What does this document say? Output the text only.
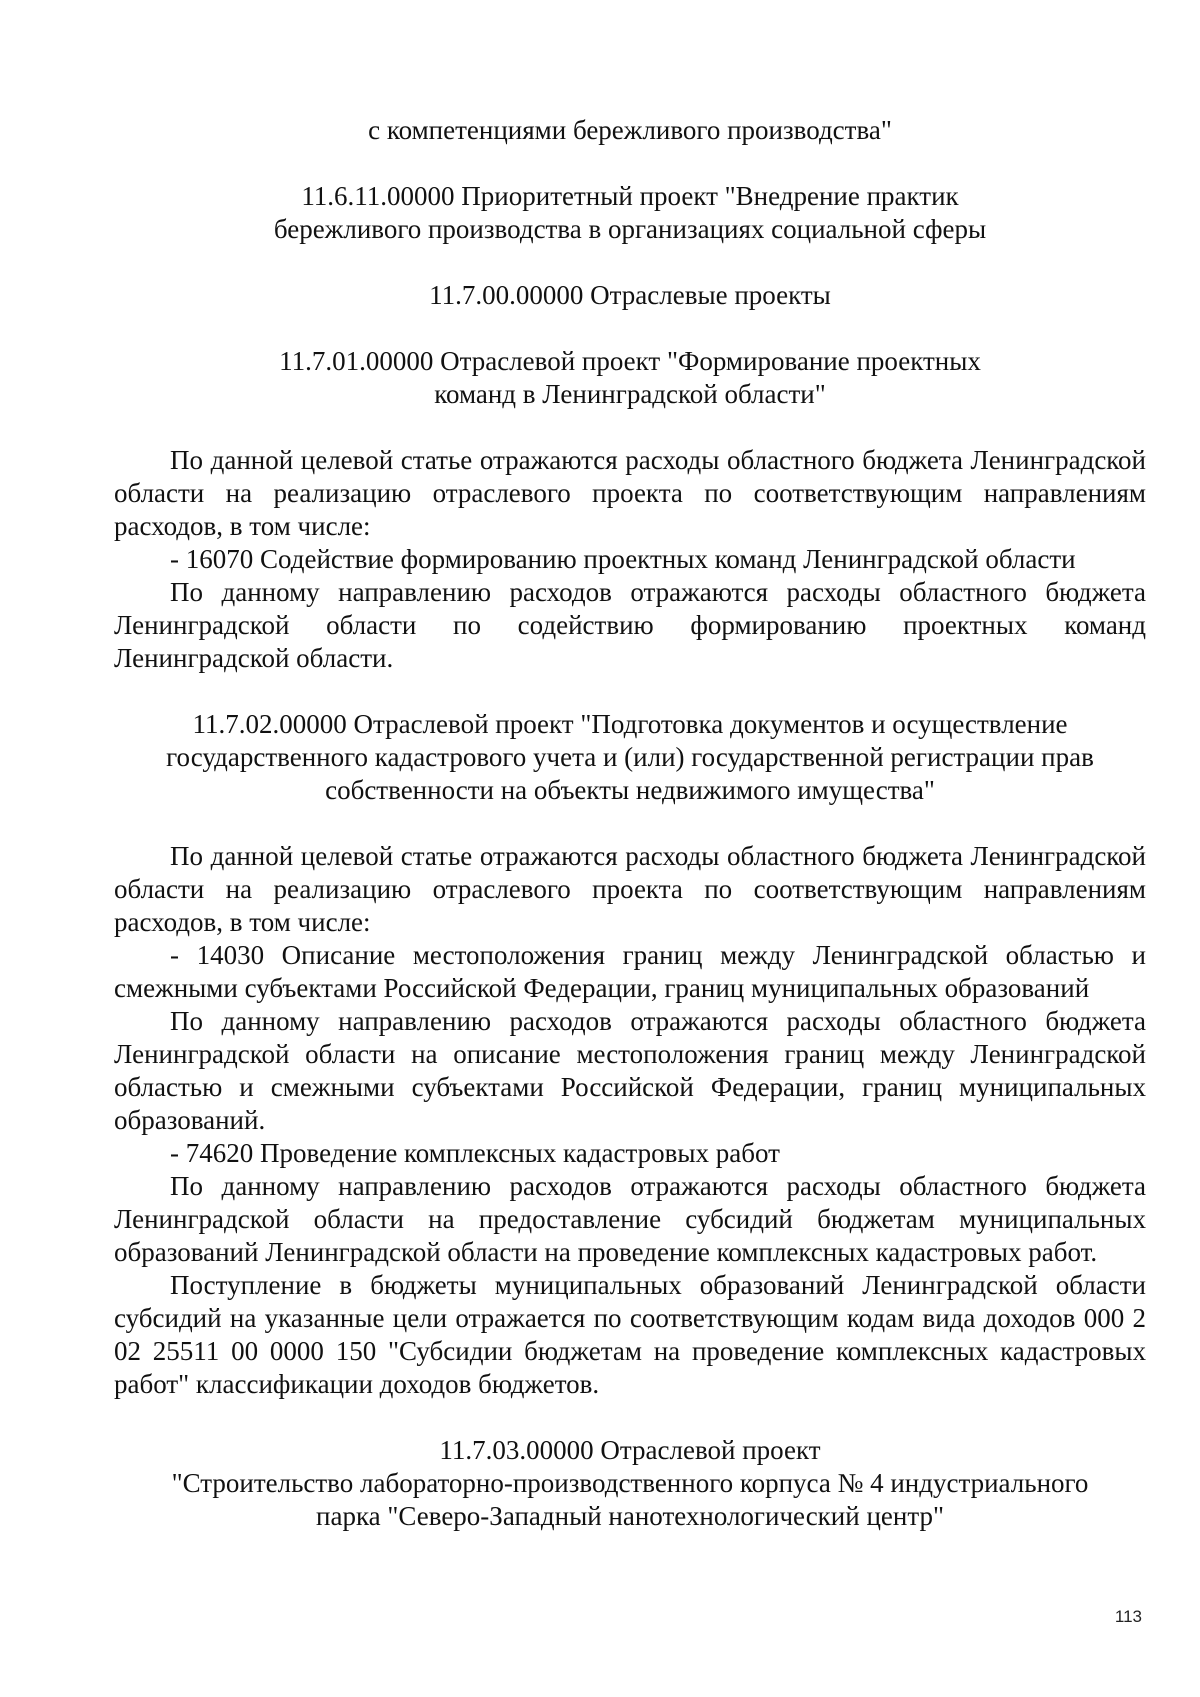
с компетенциями бережливого производства"
11.6.11.00000 Приоритетный проект "Внедрение практик
бережливого производства в организациях социальной сферы
11.7.00.00000 Отраслевые проекты
11.7.01.00000 Отраслевой проект "Формирование проектных
команд в Ленинградской области"

По данной целевой статье отражаются расходы областного бюджета Ленинградской области на реализацию отраслевого проекта по соответствующим направлениям расходов, в том числе:

- 16070 Содействие формированию проектных команд Ленинградской области

По данному направлению расходов отражаются расходы областного бюджета Ленинградской области по содействию формированию проектных команд Ленинградской области.

11.7.02.00000 Отраслевой проект "Подготовка документов и осуществление
государственного кадастрового учета и (или) государственной регистрации прав
собственности на объекты недвижимого имущества"

По данной целевой статье отражаются расходы областного бюджета Ленинградской области на реализацию отраслевого проекта по соответствующим направлениям расходов, в том числе:

- 14030 Описание местоположения границ между Ленинградской областью и смежными субъектами Российской Федерации, границ муниципальных образований

По данному направлению расходов отражаются расходы областного бюджета Ленинградской области на описание местоположения границ между Ленинградской областью и смежными субъектами Российской Федерации, границ муниципальных образований.

- 74620 Проведение комплексных кадастровых работ

По данному направлению расходов отражаются расходы областного бюджета Ленинградской области на предоставление субсидий бюджетам муниципальных образований Ленинградской области на проведение комплексных кадастровых работ.

Поступление в бюджеты муниципальных образований Ленинградской области субсидий на указанные цели отражается по соответствующим кодам вида доходов 000 2 02 25511 00 0000 150 "Субсидии бюджетам на проведение комплексных кадастровых работ" классификации доходов бюджетов.

11.7.03.00000 Отраслевой проект
"Строительство лабораторно-производственного корпуса № 4 индустриального
парка "Северо-Западный нанотехнологический центр"
113
